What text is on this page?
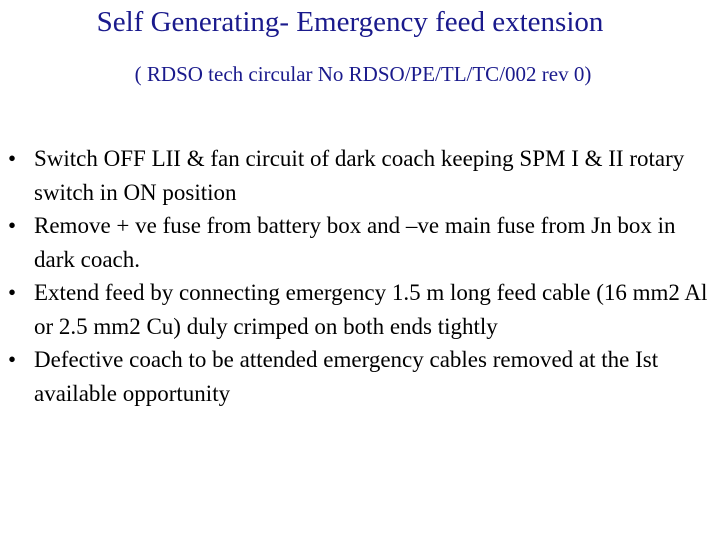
Self Generating- Emergency feed extension
( RDSO tech circular No RDSO/PE/TL/TC/002 rev 0)
• Switch OFF LII & fan circuit of dark coach keeping SPM I & II rotary switch in ON position
• Remove + ve fuse from battery box and –ve main fuse from Jn box in dark coach.
• Extend feed by connecting emergency 1.5 m long feed cable (16 mm2 Al or 2.5 mm2 Cu) duly crimped on both ends tightly
• Defective coach to be attended emergency cables removed at the Ist available opportunity
